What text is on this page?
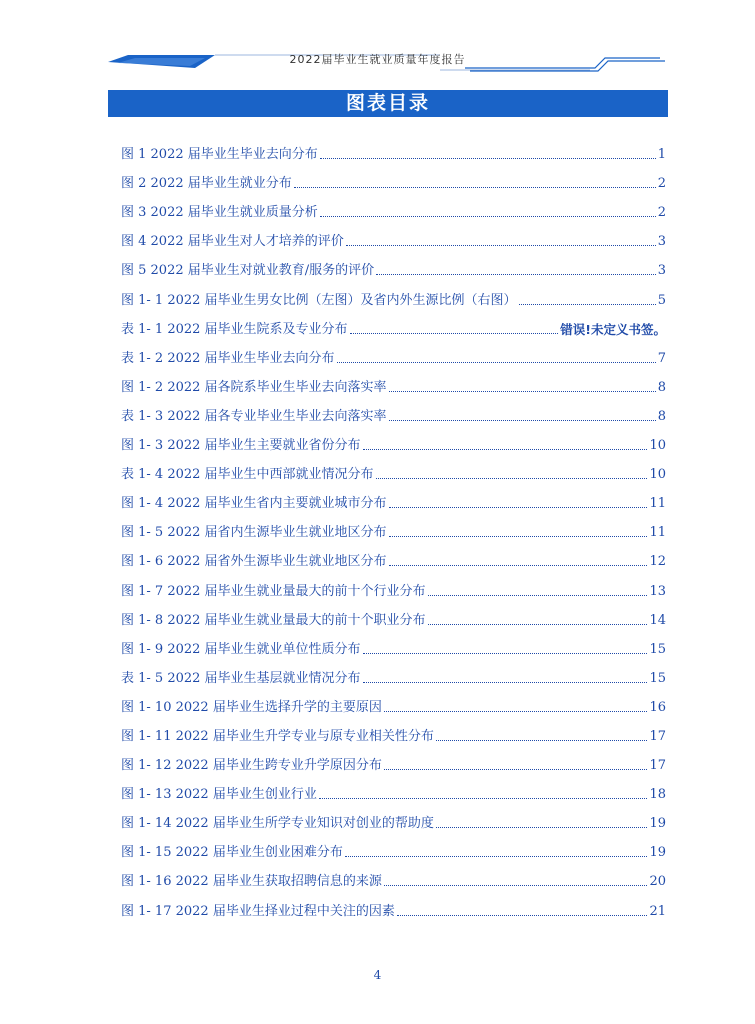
2022届毕业生就业质量年度报告
图表目录
图 1 2022 届毕业生毕业去向分布	1
图 2 2022 届毕业生就业分布	2
图 3 2022 届毕业生就业质量分析	2
图 4 2022 届毕业生对人才培养的评价	3
图 5 2022 届毕业生对就业教育/服务的评价	3
图 1- 1 2022 届毕业生男女比例（左图）及省内外生源比例（右图）	5
表 1- 1 2022 届毕业生院系及专业分布	错误!未定义书签。
表 1- 2 2022 届毕业生毕业去向分布	7
图 1- 2 2022 届各院系毕业生毕业去向落实率	8
表 1- 3 2022 届各专业毕业生毕业去向落实率	8
图 1- 3 2022 届毕业生主要就业省份分布	10
表 1- 4 2022 届毕业生中西部就业情况分布	10
图 1- 4 2022 届毕业生省内主要就业城市分布	11
图 1- 5 2022 届省内生源毕业生就业地区分布	11
图 1- 6 2022 届省外生源毕业生就业地区分布	12
图 1- 7 2022 届毕业生就业量最大的前十个行业分布	13
图 1- 8 2022 届毕业生就业量最大的前十个职业分布	14
图 1- 9 2022 届毕业生就业单位性质分布	15
表 1- 5 2022 届毕业生基层就业情况分布	15
图 1- 10 2022 届毕业生选择升学的主要原因	16
图 1- 11 2022 届毕业生升学专业与原专业相关性分布	17
图 1- 12 2022 届毕业生跨专业升学原因分布	17
图 1- 13 2022 届毕业生创业行业	18
图 1- 14 2022 届毕业生所学专业知识对创业的帮助度	19
图 1- 15 2022 届毕业生创业困难分布	19
图 1- 16 2022 届毕业生获取招聘信息的来源	20
图 1- 17 2022 届毕业生择业过程中关注的因素	21
4
